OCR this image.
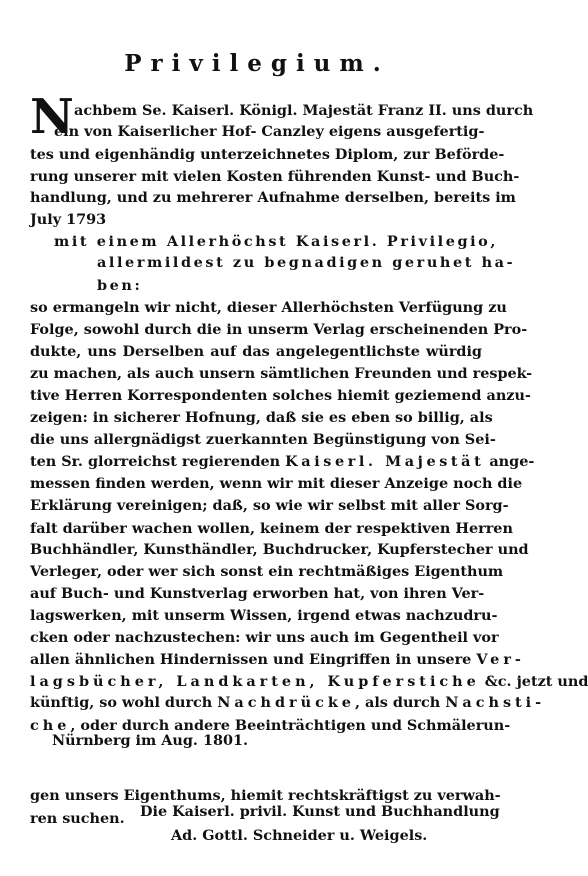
Privilegium.
N achbem Se. Kaiserl. Königl. Majestät Franz II. uns durch
ein von Kaiserlicher Hof- Canzley eigens ausgefertig-
tes und eigenhändig unterzeichnetes Diplom, zur Beförde-
rung unserer mit vielen Kosten führenden Kunst- und Buch-
handlung, und zu mehrerer Aufnahme derselben, bereits im
July 1793
mit einem Allerhöchst Kaiserl. Privilegio,
allermildest zu begnadigen geruhet ha-
ben:
so ermangeln wir nicht, dieser Allerhöchsten Verfügung zu
Folge, sowohl durch die in unserm Verlag erscheinenden Pro-
dukte, uns Derselben auf das angelegentlichste würdig
zu machen, als auch unsern sämtlichen Freunden und respek-
tive Herren Korrespondenten solches hiemit geziemend anzu-
zeigen: in sicherer Hofnung, daß sie es eben so billig, als
die uns allergnädigst zuerkannten Begünstigung von Sei-
ten Sr. glorreichst regierenden Kaiserl. Majestät ange-
messen finden werden, wenn wir mit dieser Anzeige noch die
Erklärung vereinigen; daß, so wie wir selbst mit aller Sorg-
falt darüber wachen wollen, keinem der respektiven Herren
Buchhändler, Kunsthändler, Buchdrucker, Kupferstecher und
Verleger, oder wer sich sonst ein rechtmäßiges Eigenthum
auf Buch- und Kunstverlag erworben hat, von ihren Ver-
lagswerken, mit unserm Wissen, irgend etwas nachzudru-
cken oder nachzustechen: wir uns auch im Gegentheil vor
allen ähnlichen Hindernissen und Eingriffen in unsere Ver-
lagsbücher, Landkarten, Kupferstiche &c. jetzt und
künftig, so wohl durch Nachdrücke, als durch Nachsti-
che, oder durch andere Beeinträchtigen und Schmälerun-
gen unsers Eigenthums, hiemit rechtskräftigst zu verwah-
ren suchen.
Nürnberg im Aug. 1801.
Die Kaiserl. privil. Kunst und Buchhandlung
Ad. Gottl. Schneider u. Weigels.
